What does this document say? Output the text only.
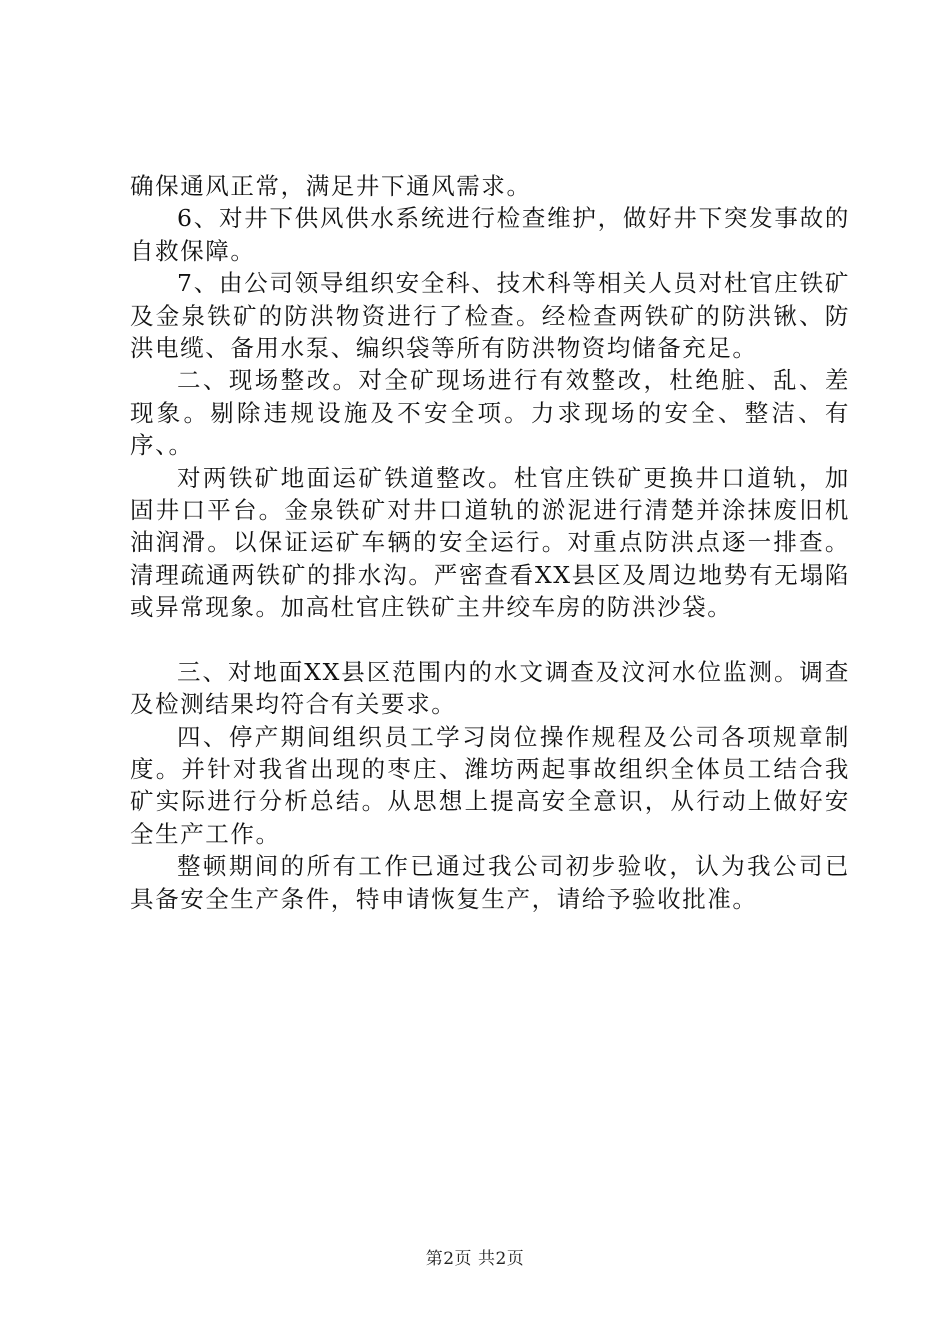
确保通风正常，满足井下通风需求。

6、对井下供风供水系统进行检查维护，做好井下突发事故的自救保障。

7、由公司领导组织安全科、技术科等相关人员对杜官庄铁矿及金泉铁矿的防洪物资进行了检查。经检查两铁矿的防洪锹、防洪电缆、备用水泵、编织袋等所有防洪物资均储备充足。

二、现场整改。对全矿现场进行有效整改，杜绝脏、乱、差现象。剔除违规设施及不安全项。力求现场的安全、整洁、有序、。

对两铁矿地面运矿铁道整改。杜官庄铁矿更换井口道轨，加固井口平台。金泉铁矿对井口道轨的淤泥进行清楚并涂抹废旧机油润滑。以保证运矿车辆的安全运行。对重点防洪点逐一排查。清理疏通两铁矿的排水沟。严密查看XX县区及周边地势有无塌陷或异常现象。加高杜官庄铁矿主井绞车房的防洪沙袋。

三、对地面XX县区范围内的水文调查及汶河水位监测。调查及检测结果均符合有关要求。

四、停产期间组织员工学习岗位操作规程及公司各项规章制度。并针对我省出现的枣庄、潍坊两起事故组织全体员工结合我矿实际进行分析总结。从思想上提高安全意识，从行动上做好安全生产工作。

整顿期间的所有工作已通过我公司初步验收，认为我公司已具备安全生产条件，特申请恢复生产，请给予验收批准。

第2页 共2页
